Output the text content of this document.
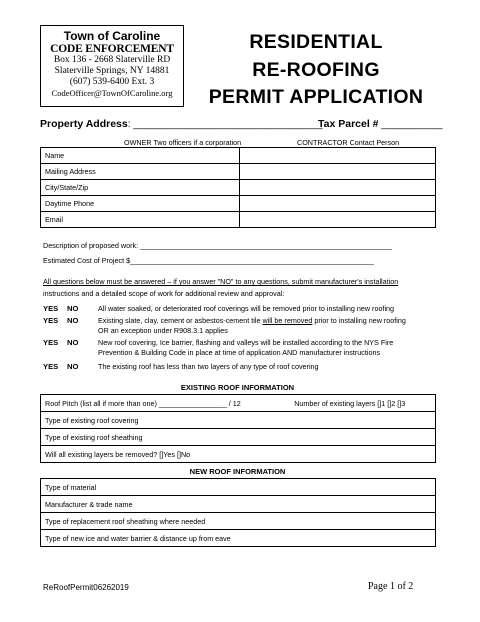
Town of Caroline
CODE ENFORCEMENT
Box 136 - 2668 Slaterville RD
Slaterville Springs, NY 14881
(607) 539-6400 Ext. 3
CodeOfficer@TownOfCaroline.org
RESIDENTIAL
RE-ROOFING
PERMIT APPLICATION
Property Address: __________________________________
Tax Parcel # ___________
OWNER Two officers if a corporation	CONTRACTOR Contact Person
Name	
Mailing Address	
City/State/Zip	
Daytime Phone	
Email	
Description of proposed work: _______________________________________________________________
Estimated Cost of Project $_____________________________________________________________
All questions below must be answered – if you answer "NO" to any questions, submit manufacturer's installation
instructions and a detailed scope of work for additional review and approval:
YES NO	All water soaked, or deteriorated roof coverings will be removed prior to installing new roofing
YES NO	Existing slate, clay, cement or asbestos-cement tile will be removed prior to installing new roofing
OR an exception under R908.3.1 applies
YES NO	New roof covering, Ice barrier, flashing and valleys will be installed according to the NYS Fire
Prevention & Building Code in place at time of application AND manufacturer instructions
YES NO	The existing roof has less than two layers of any type of roof covering
EXISTING ROOF INFORMATION
Roof Pitch (list all if more than one) _________________ / 12	Number of existing layers []1 []2 []3
Type of existing roof covering
Type of existing roof sheathing
Will all existing layers be removed? []Yes []No
NEW ROOF INFORMATION
Type of material
Manufacturer & trade name
Type of replacement roof sheathing where needed
Type of new ice and water barrier & distance up from eave
ReRoofPermit06262019	Page 1 of 2
